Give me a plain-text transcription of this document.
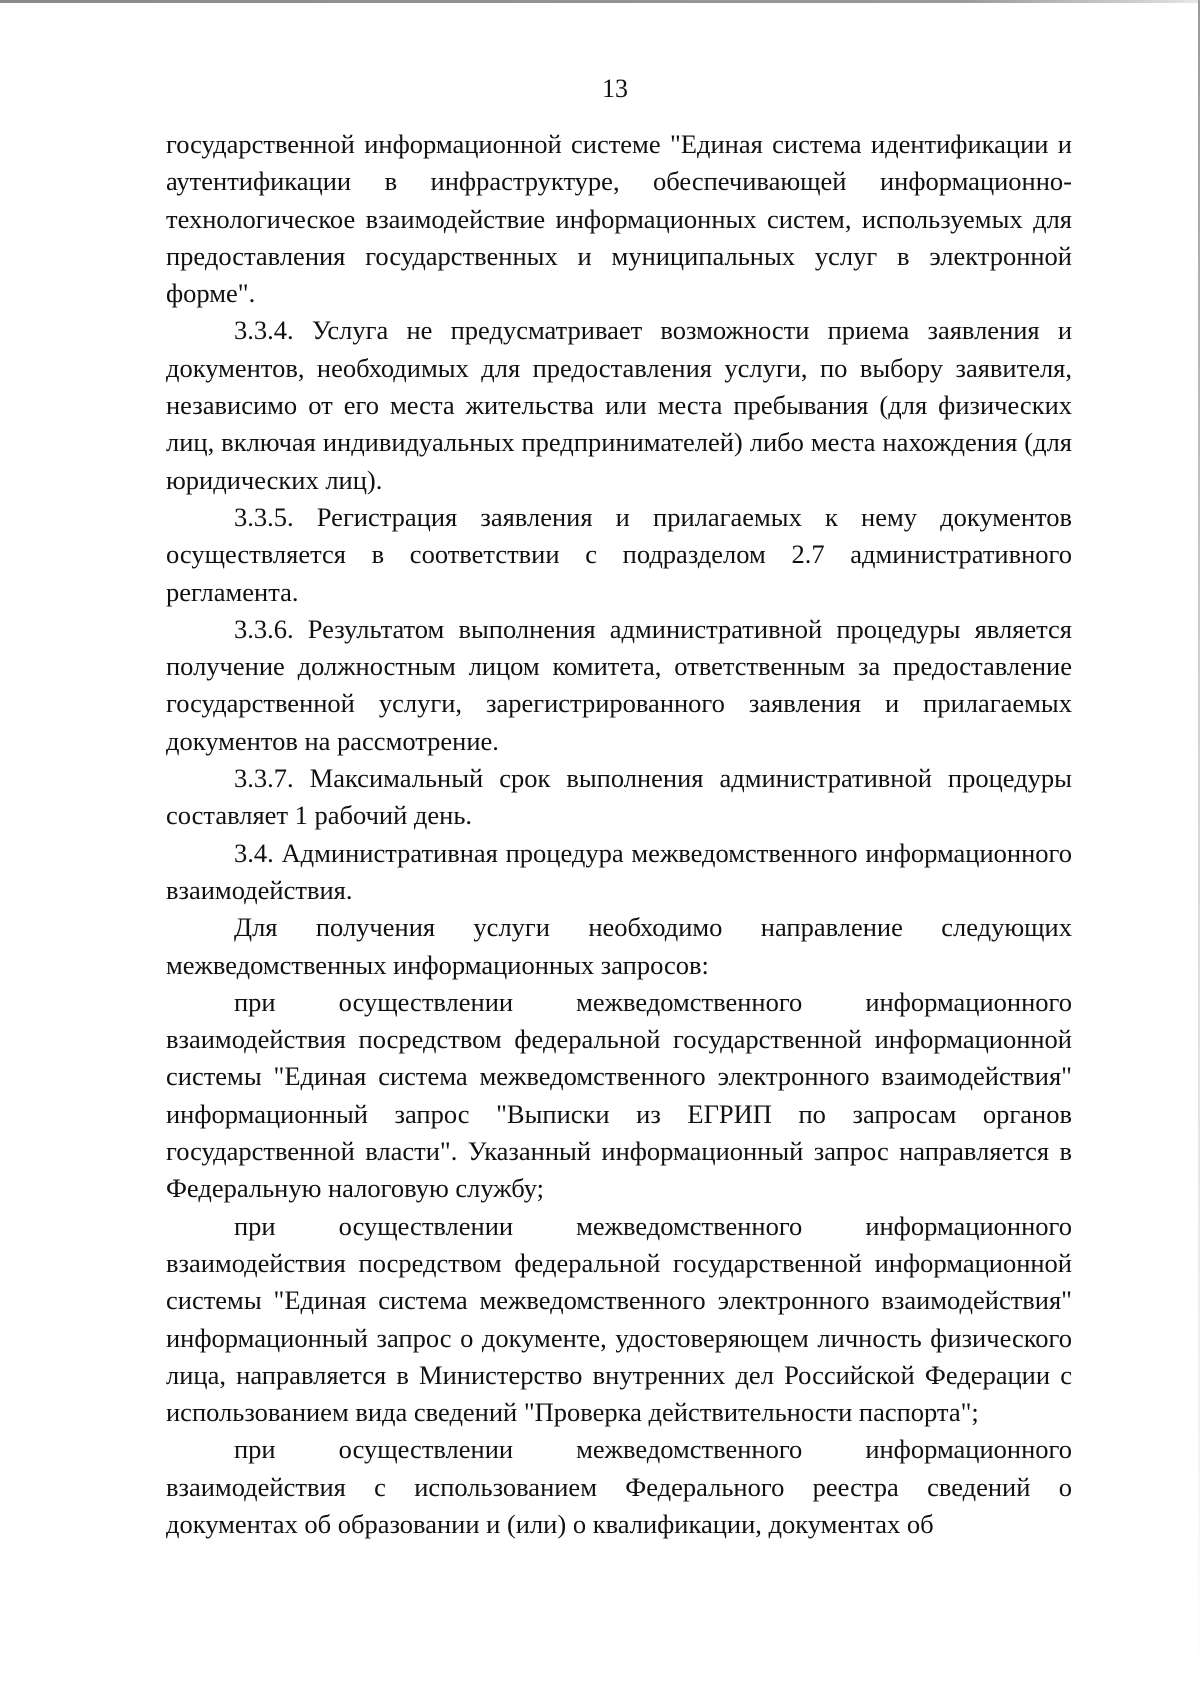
13

государственной информационной системе "Единая система идентификации и аутентификации в инфраструктуре, обеспечивающей информационно-технологическое взаимодействие информационных систем, используемых для предоставления государственных и муниципальных услуг в электронной форме".

3.3.4. Услуга не предусматривает возможности приема заявления и документов, необходимых для предоставления услуги, по выбору заявителя, независимо от его места жительства или места пребывания (для физических лиц, включая индивидуальных предпринимателей) либо места нахождения (для юридических лиц).

3.3.5. Регистрация заявления и прилагаемых к нему документов осуществляется в соответствии с подразделом 2.7 административного регламента.

3.3.6. Результатом выполнения административной процедуры является получение должностным лицом комитета, ответственным за предоставление государственной услуги, зарегистрированного заявления и прилагаемых документов на рассмотрение.

3.3.7. Максимальный срок выполнения административной процедуры составляет 1 рабочий день.

3.4. Административная процедура межведомственного информационного взаимодействия.

Для получения услуги необходимо направление следующих межведомственных информационных запросов:

при осуществлении межведомственного информационного взаимодействия посредством федеральной государственной информационной системы "Единая система межведомственного электронного взаимодействия" информационный запрос "Выписки из ЕГРИП по запросам органов государственной власти". Указанный информационный запрос направляется в Федеральную налоговую службу;

при осуществлении межведомственного информационного взаимодействия посредством федеральной государственной информационной системы "Единая система межведомственного электронного взаимодействия" информационный запрос о документе, удостоверяющем личность физического лица, направляется в Министерство внутренних дел Российской Федерации с использованием вида сведений "Проверка действительности паспорта";

при осуществлении межведомственного информационного взаимодействия с использованием Федерального реестра сведений о документах об образовании и (или) о квалификации, документах об
